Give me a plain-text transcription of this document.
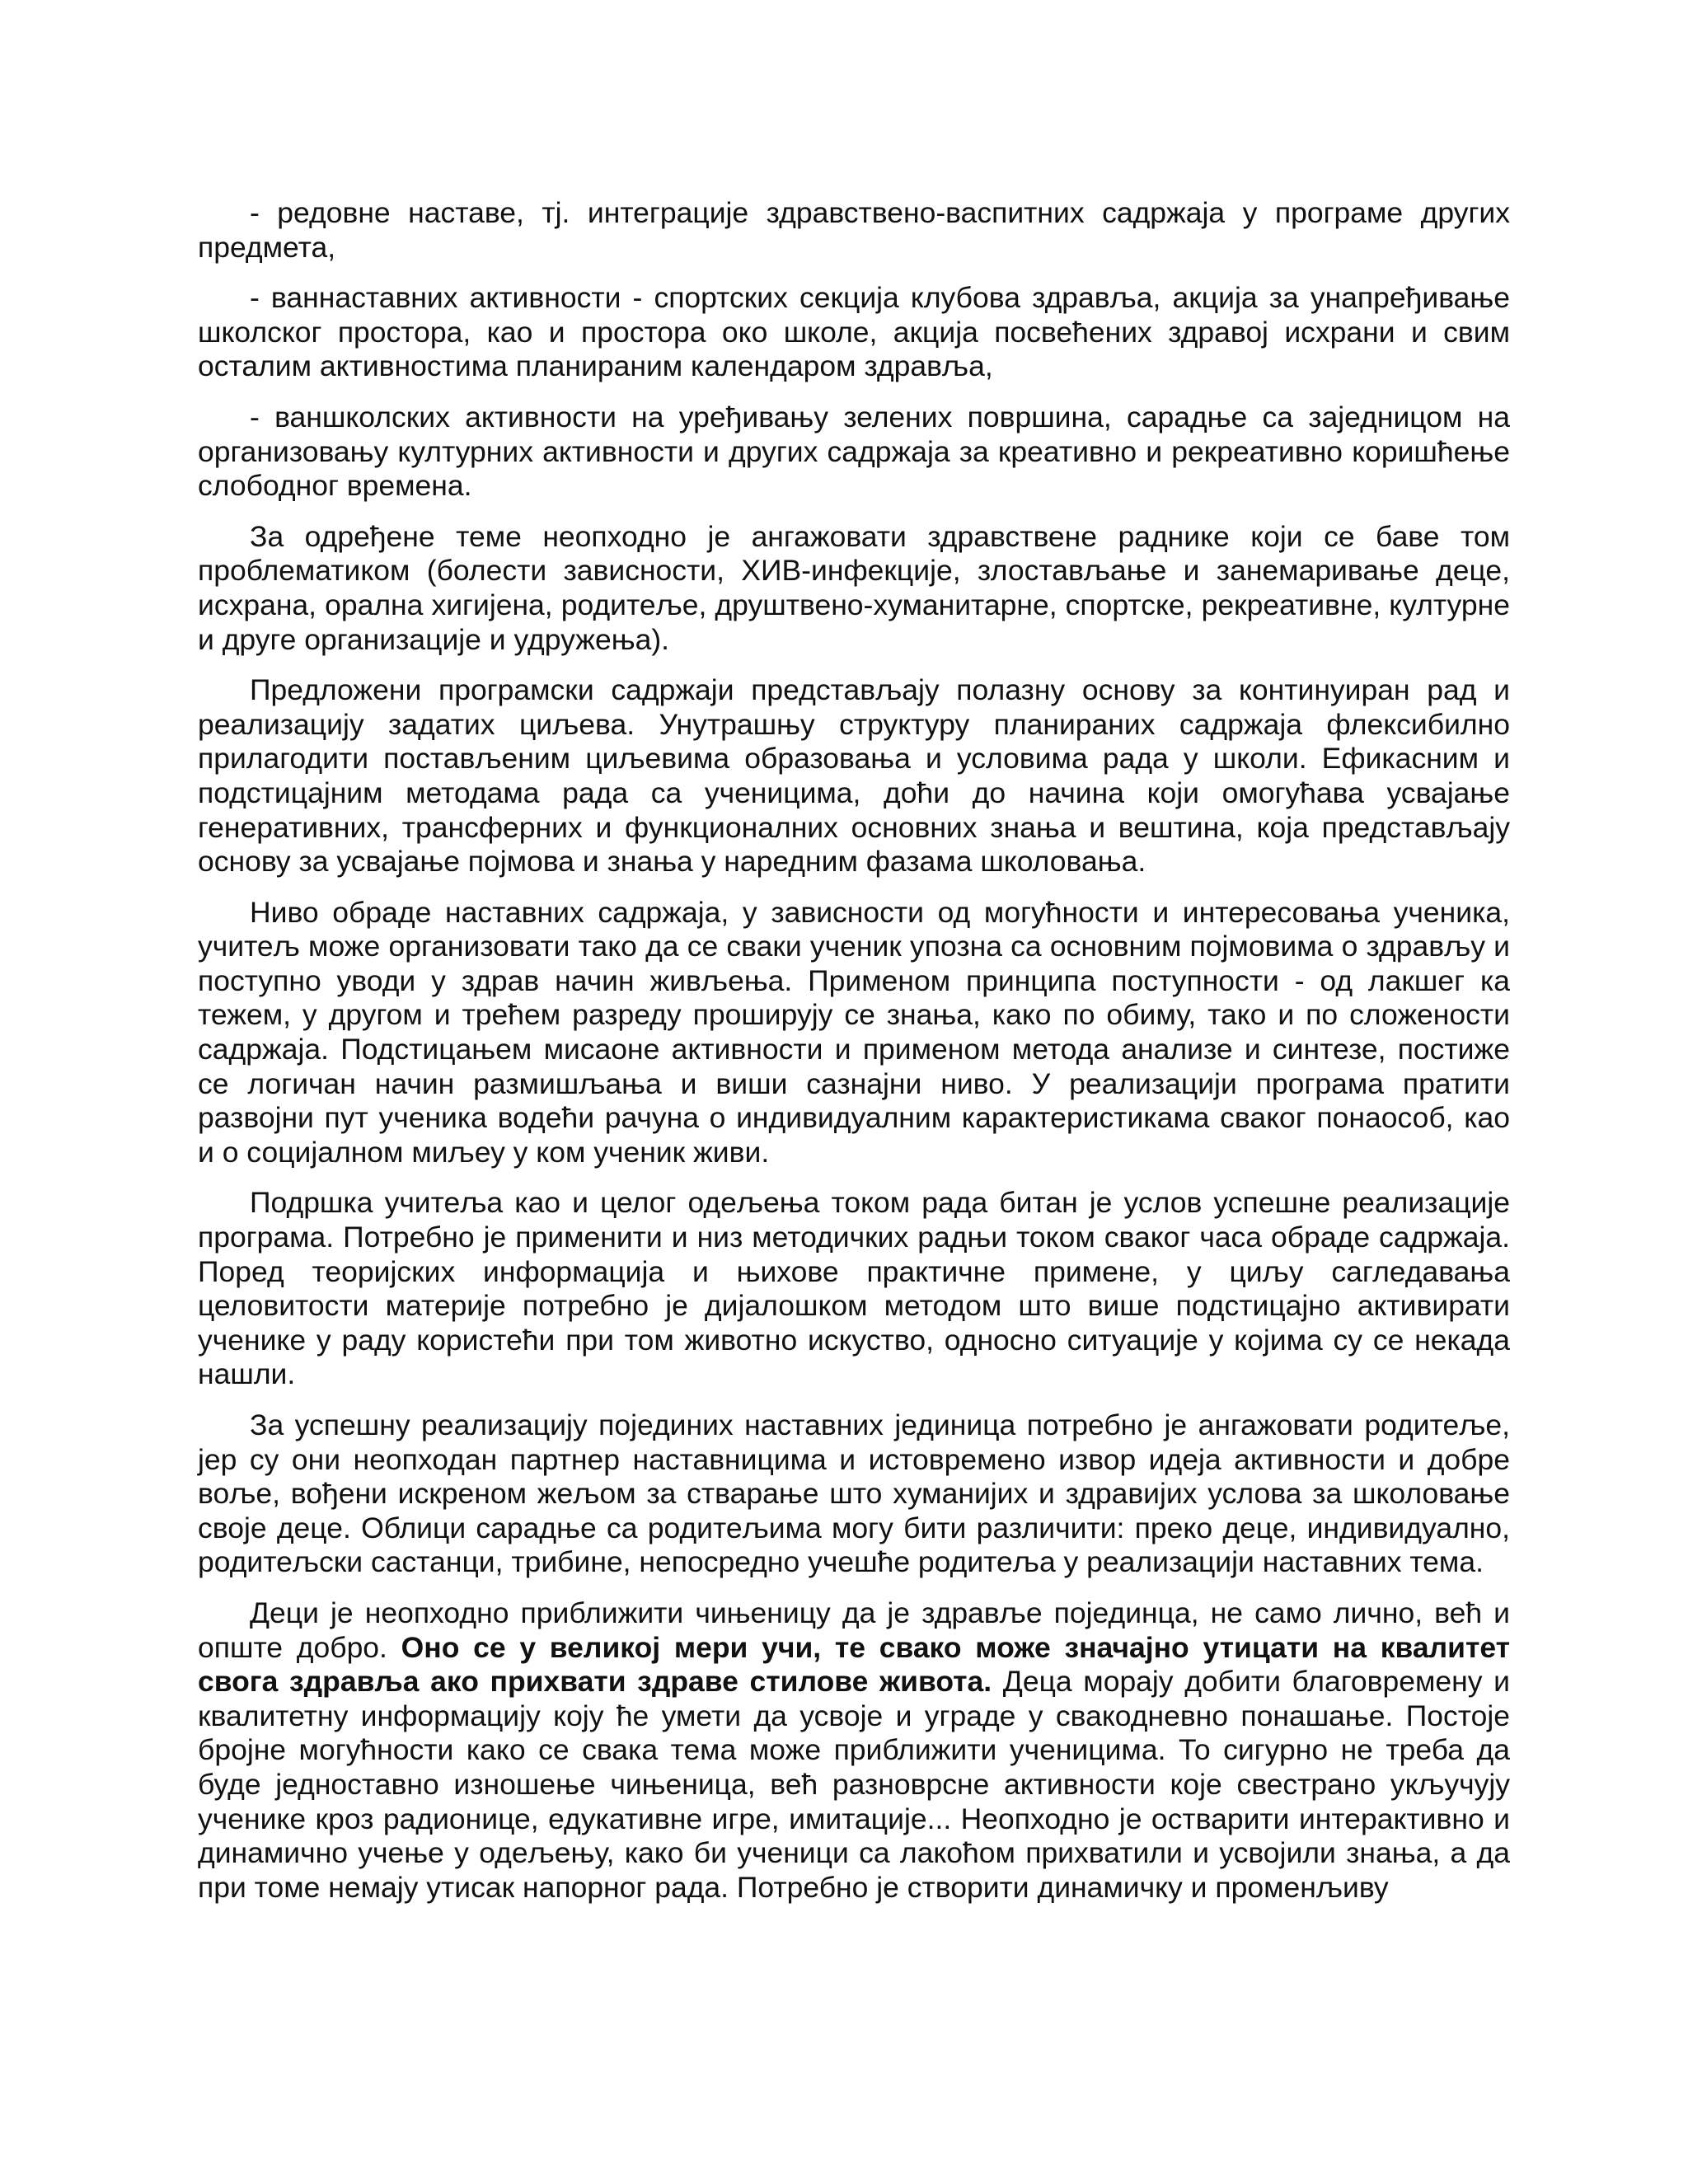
- редовне наставе, тј. интеграције здравствено-васпитних садржаја у програме других предмета,

- ваннаставних активности - спортских секција клубова здравља, акција за унапређивање школског простора, као и простора око школе, акција посвећених здравој исхрани и свим осталим активностима планираним календаром здравља,

- ваншколских активности на уређивању зелених површина, сарадње са заједницом на организовању културних активности и других садржаја за креативно и рекреативно коришћење слободног времена.

За одређене теме неопходно је ангажовати здравствене раднике који се баве том проблематиком (болести зависности, ХИВ-инфекције, злостављање и занемаривање деце, исхрана, орална хигијена, родитеље, друштвено-хуманитарне, спортске, рекреативне, културне и друге организације и удружења).

Предложени програмски садржаји представљају полазну основу за континуиран рад и реализацију задатих циљева. Унутрашњу структуру планираних садржаја флексибилно прилагодити постављеним циљевима образовања и условима рада у школи. Ефикасним и подстицајним методама рада са ученицима, доћи до начина који омогућава усвајање генеративних, трансферних и функционалних основних знања и вештина, која представљају основу за усвајање појмова и знања у наредним фазама школовања.

Ниво обраде наставних садржаја, у зависности од могућности и интересовања ученика, учитељ може организовати тако да се сваки ученик упозна са основним појмовима о здрављу и поступно уводи у здрав начин живљења. Применом принципа поступности - од лакшег ка тежем, у другом и трећем разреду проширују се знања, како по обиму, тако и по сложености садржаја. Подстицањем мисаоне активности и применом метода анализе и синтезе, постиже се логичан начин размишљања и виши сазнајни ниво. У реализацији програма пратити развојни пут ученика водећи рачуна о индивидуалним карактеристикама сваког понаособ, као и о социјалном миљеу у ком ученик живи.

Подршка учитеља као и целог одељења током рада битан је услов успешне реализације програма. Потребно је применити и низ методичких радњи током сваког часа обраде садржаја. Поред теоријских информација и њихове практичне примене, у циљу сагледавања целовитости материје потребно је дијалошком методом што више подстицајно активирати ученике у раду користећи при том животно искуство, односно ситуације у којима су се некада нашли.

За успешну реализацију појединих наставних јединица потребно је ангажовати родитеље, јер су они неопходан партнер наставницима и истовремено извор идеја активности и добре воље, вођени искреном жељом за стварање што хуманијих и здравијих услова за школовање своје деце. Облици сарадње са родитељима могу бити различити: преко деце, индивидуално, родитељски састанци, трибине, непосредно учешће родитеља у реализацији наставних тема.

Деци је неопходно приближити чињеницу да је здравље појединца, не само лично, већ и опште добро. Оно се у великој мери учи, те свако може значајно утицати на квалитет свога здравља ако прихвати здраве стилове живота. Деца морају добити благовремену и квалитетну информацију коју ће умети да усвоје и уграде у свакодневно понашање. Постоје бројне могућности како се свака тема може приближити ученицима. То сигурно не треба да буде једноставно изношење чињеница, већ разноврсне активности које свестрано укључују ученике кроз радионице, едукативне игре, имитације... Неопходно је остварити интерактивно и динамично учење у одељењу, како би ученици са лакоћом прихватили и усвојили знања, а да при томе немају утисак напорног рада. Потребно је створити динамичку и променљиву
